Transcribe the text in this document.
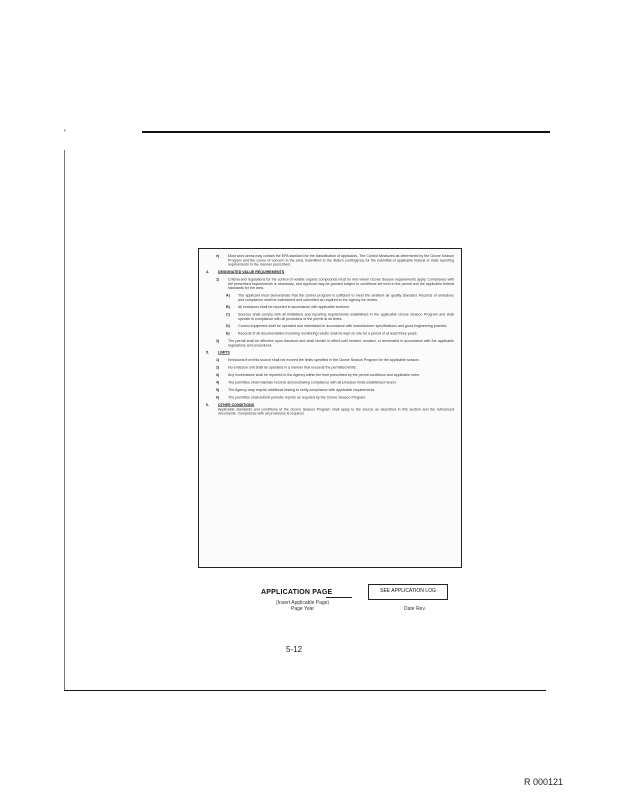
'
e)	Most work areas may contain the EPA standard for the classification of applicants. The Control Measures as determined by the Ozone Season Program and the ozone of concern in the area. Submitted to the State's contingency for the submittal of applicable federal or state reporting requirements in the manner prescribed.
4.	DESIGNATED VALUE REQUIREMENTS
1)	Criteria and regulations for the control of volatile organic compounds must be met where Ozone Season requirements apply. Compliance with the prescribed requirements is necessary, and approval may be granted subject to conditions set forth in the permit and the applicable federal standards for the area.
A)	The applicant must demonstrate that the control program is sufficient to meet the ambient air quality standard. Records of emissions and compliance shall be maintained and submitted as required to the Agency for review.
B)	All emissions shall be reported in accordance with applicable sections.
C)	Sources shall comply with all limitations and reporting requirements established in the applicable Ozone Season Program and shall operate in compliance with all provisions of the permit at all times.
D)	Control equipment shall be operated and maintained in accordance with manufacturer specifications and good engineering practice.
E)	Records of all documentation including monitoring results shall be kept on site for a period of at least three years.
2)	The permit shall be effective upon issuance and shall remain in effect until revised, revoked, or terminated in accordance with the applicable regulations and procedures.
5.	LIMITS
1)	Emissions from this source shall not exceed the limits specified in the Ozone Season Program for the applicable season.
2)	No emission unit shall be operated in a manner that exceeds the permitted limits.
3)	Any exceedance shall be reported to the Agency within the time prescribed by the permit conditions and applicable rules.
4)	The permittee shall maintain records demonstrating compliance with all emission limits established herein.
5)	The Agency may require additional testing to verify compliance with applicable requirements.
6)	The permittee shall submit periodic reports as required by the Ozone Season Program.
6.	OTHER CONDITIONS
Applicable standards and conditions of the Ozone Season Program shall apply to the source as described in this section and the referenced documents. Compliance with all provisions is required.
APPLICATION PAGE
(Insert Applicable Page)
Page Year
SEE APPLICATION LOG
Date Rev.
5-12
R 000121
